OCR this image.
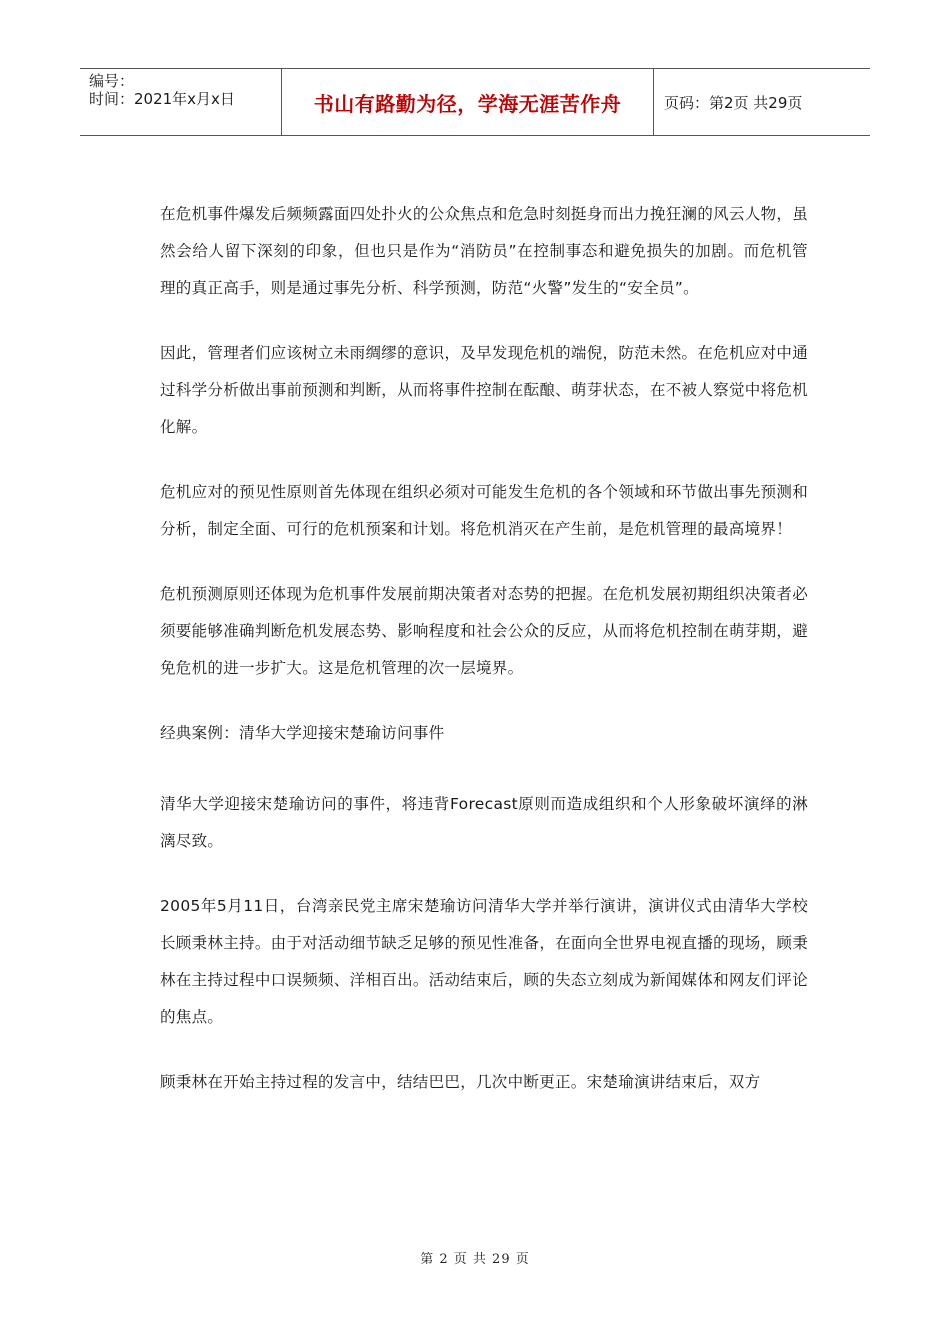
编号：
时间：2021年x月x日	书山有路勤为径，学海无涯苦作舟	页码：第2页 共29页

在危机事件爆发后频频露面四处扑火的公众焦点和危急时刻挺身而出力挽狂澜的风云人物，虽然会给人留下深刻的印象，但也只是作为“消防员”在控制事态和避免损失的加剧。而危机管理的真正高手，则是通过事先分析、科学预测，防范“火警”发生的“安全员”。

因此，管理者们应该树立未雨绸缪的意识，及早发现危机的端倪，防范未然。在危机应对中通过科学分析做出事前预测和判断，从而将事件控制在酝酿、萌芽状态，在不被人察觉中将危机化解。

危机应对的预见性原则首先体现在组织必须对可能发生危机的各个领域和环节做出事先预测和分析，制定全面、可行的危机预案和计划。将危机消灭在产生前，是危机管理的最高境界！

危机预测原则还体现为危机事件发展前期决策者对态势的把握。在危机发展初期组织决策者必须要能够准确判断危机发展态势、影响程度和社会公众的反应，从而将危机控制在萌芽期，避免危机的进一步扩大。这是危机管理的次一层境界。

经典案例：清华大学迎接宋楚瑜访问事件

清华大学迎接宋楚瑜访问的事件，将违背Forecast原则而造成组织和个人形象破坏演绎的淋漓尽致。

2005年5月11日，台湾亲民党主席宋楚瑜访问清华大学并举行演讲，演讲仪式由清华大学校长顾秉林主持。由于对活动细节缺乏足够的预见性准备，在面向全世界电视直播的现场，顾秉林在主持过程中口误频频、洋相百出。活动结束后，顾的失态立刻成为新闻媒体和网友们评论的焦点。

顾秉林在开始主持过程的发言中，结结巴巴，几次中断更正。宋楚瑜演讲结束后，双方

第 2 页 共 29 页
